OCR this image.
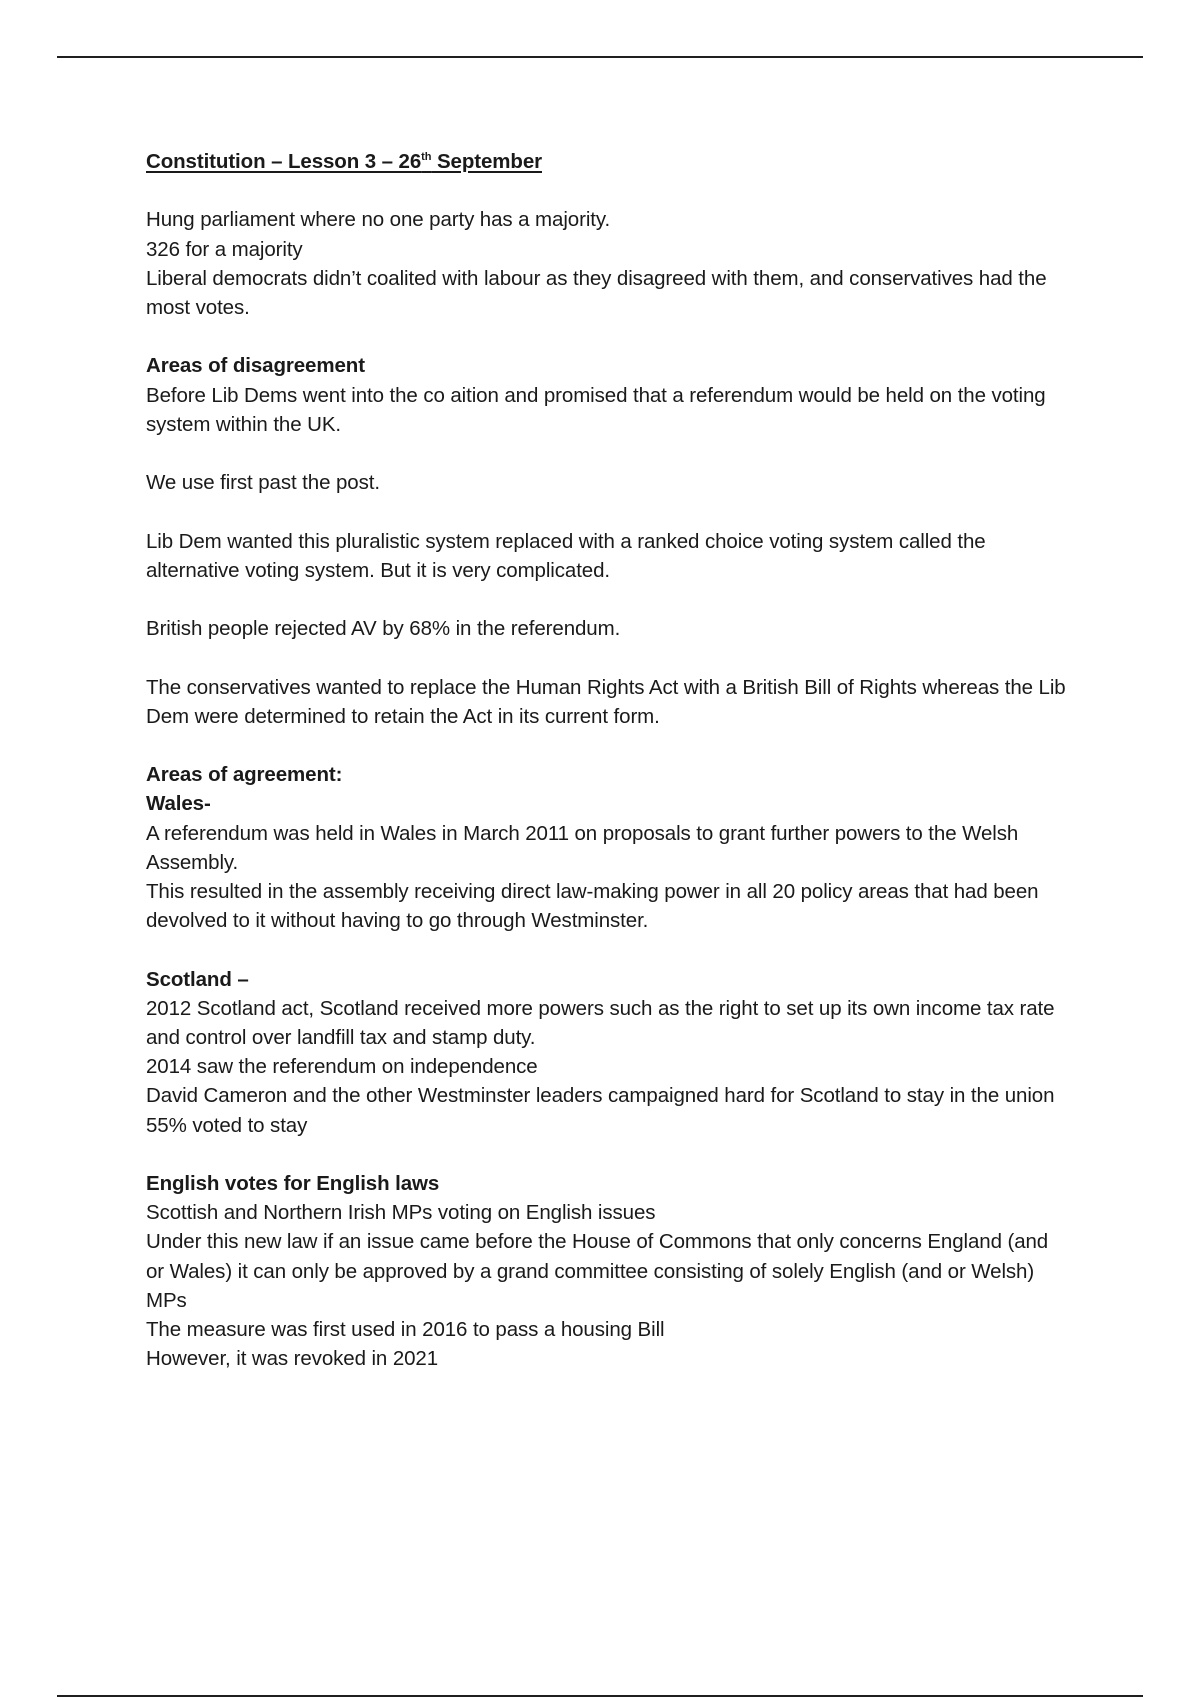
Constitution – Lesson 3 – 26th September

Hung parliament where no one party has a majority.

326 for a majority

Liberal democrats didn’t coalited with labour as they disagreed with them, and conservatives had the most votes.

Areas of disagreement

Before Lib Dems went into the co aition and promised that a referendum would be held on the voting system within the UK.

We use first past the post.

Lib Dem wanted this pluralistic system replaced with a ranked choice voting system called the alternative voting system. But it is very complicated.

British people rejected AV by 68% in the referendum.

The conservatives wanted to replace the Human Rights Act with a British Bill of Rights whereas the Lib Dem were determined to retain the Act in its current form.

Areas of agreement:

Wales-

A referendum was held in Wales in March 2011 on proposals to grant further powers to the Welsh Assembly.

This resulted in the assembly receiving direct law-making power in all 20 policy areas that had been devolved to it without having to go through Westminster.

Scotland –

2012 Scotland act, Scotland received more powers such as the right to set up its own income tax rate and control over landfill tax and stamp duty.

2014 saw the referendum on independence

David Cameron and the other Westminster leaders campaigned hard for Scotland to stay in the union

55% voted to stay

English votes for English laws

Scottish and Northern Irish MPs voting on English issues

Under this new law if an issue came before the House of Commons that only concerns England (and or Wales) it can only be approved by a grand committee consisting of solely English (and or Welsh) MPs

The measure was first used in 2016 to pass a housing Bill

However, it was revoked in 2021
